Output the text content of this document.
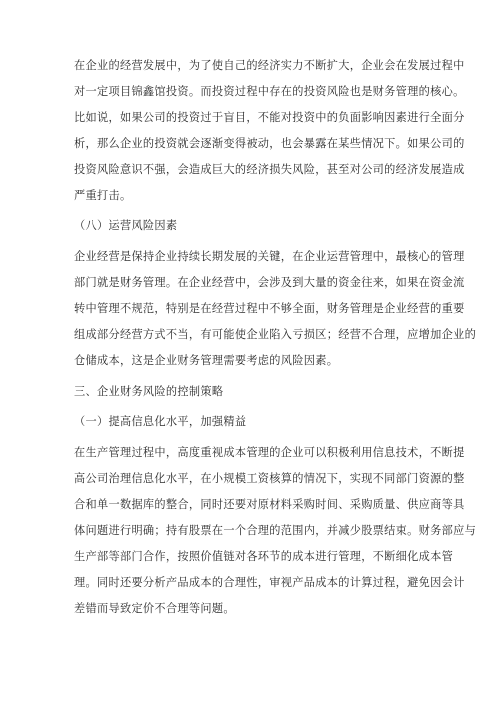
在企业的经营发展中，为了使自己的经济实力不断扩大，企业会在发展过程中
对一定项目锦鑫馆投资。而投资过程中存在的投资风险也是财务管理的核心。
比如说，如果公司的投资过于盲目，不能对投资中的负面影响因素进行全面分
析，那么企业的投资就会逐渐变得被动，也会暴露在某些情况下。如果公司的
投资风险意识不强，会造成巨大的经济损失风险，甚至对公司的经济发展造成
严重打击。
（八）运营风险因素
企业经营是保持企业持续长期发展的关键，在企业运营管理中，最核心的管理
部门就是财务管理。在企业经营中，会涉及到大量的资金往来，如果在资金流
转中管理不规范，特别是在经营过程中不够全面，财务管理是企业经营的重要
组成部分经营方式不当，有可能使企业陷入亏损区；经营不合理，应增加企业的
仓储成本，这是企业财务管理需要考虑的风险因素。
三、企业财务风险的控制策略
（一）提高信息化水平，加强精益
在生产管理过程中，高度重视成本管理的企业可以积极利用信息技术，不断提
高公司治理信息化水平，在小规模工资核算的情况下，实现不同部门资源的整
合和单一数据库的整合，同时还要对原材料采购时间、采购质量、供应商等具
体问题进行明确；持有股票在一个合理的范围内，并减少股票结束。财务部应与
生产部等部门合作，按照价值链对各环节的成本进行管理，不断细化成本管
理。同时还要分析产品成本的合理性，审视产品成本的计算过程，避免因会计
差错而导致定价不合理等问题。
